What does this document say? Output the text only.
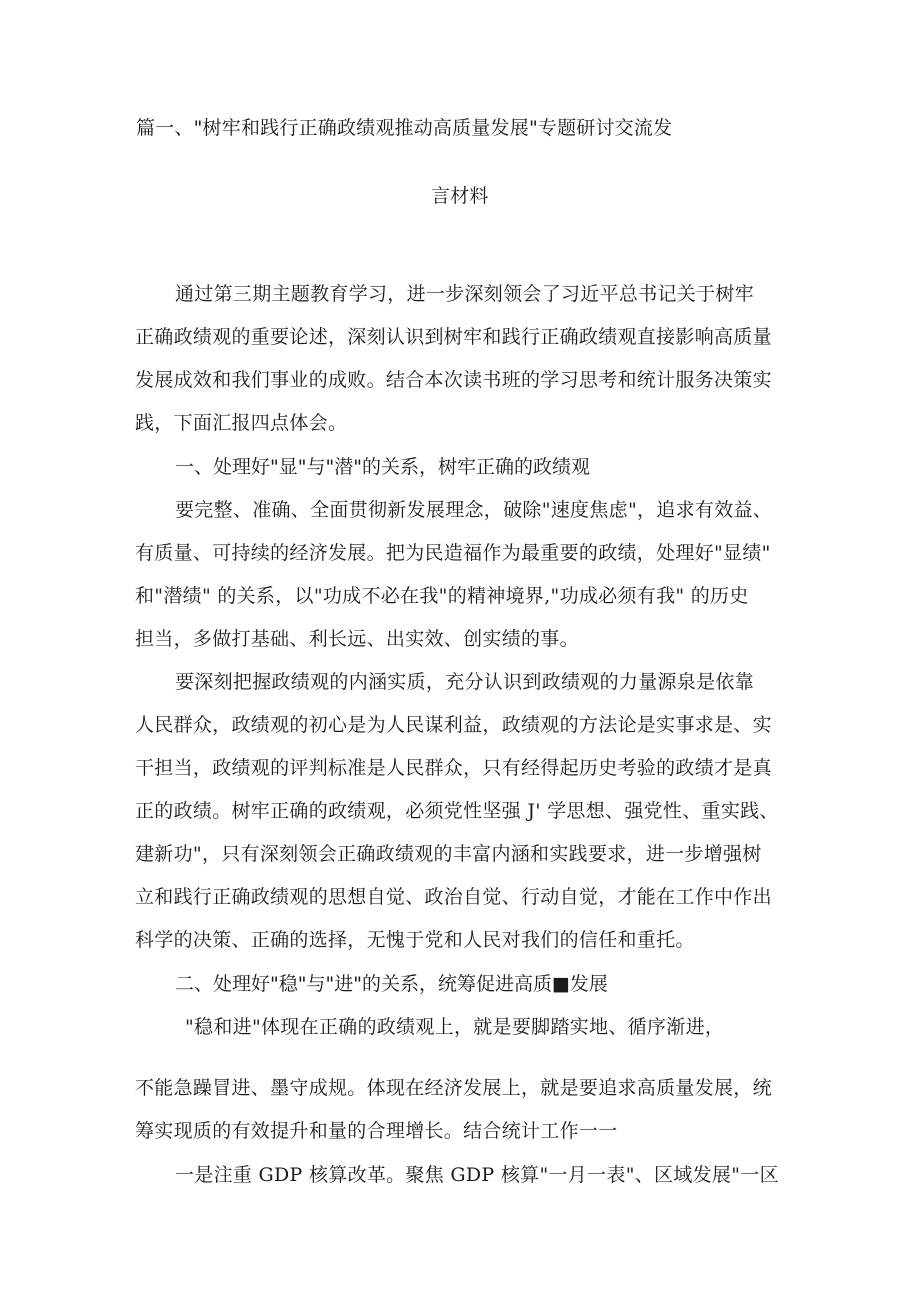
篇一、"树牢和践行正确政绩观推动高质量发展"专题研讨交流发
言材料
通过第三期主题教育学习，进一步深刻领会了习近平总书记关于树牢
正确政绩观的重要论述，深刻认识到树牢和践行正确政绩观直接影响高质量
发展成效和我们事业的成败。结合本次读书班的学习思考和统计服务决策实
践，下面汇报四点体会。
一、处理好"显"与"潜"的关系，树牢正确的政绩观
要完整、准确、全面贯彻新发展理念，破除"速度焦虑"，追求有效益、
有质量、可持续的经济发展。把为民造福作为最重要的政绩，处理好"显绩"
和"潜绩" 的关系，以"功成不必在我"的精神境界,"功成必须有我" 的历史
担当，多做打基础、利长远、出实效、创实绩的事。
要深刻把握政绩观的内涵实质，充分认识到政绩观的力量源泉是依靠
人民群众，政绩观的初心是为人民谋利益，政绩观的方法论是实事求是、实
干担当，政绩观的评判标准是人民群众，只有经得起历史考验的政绩才是真
正的政绩。树牢正确的政绩观，必须党性坚强 J' 学思想、强党性、重实践、
建新功"，只有深刻领会正确政绩观的丰富内涵和实践要求，进一步增强树
立和践行正确政绩观的思想自觉、政治自觉、行动自觉，才能在工作中作出
科学的决策、正确的选择，无愧于党和人民对我们的信任和重托。
二、处理好"稳"与"进"的关系，统筹促进高质■发展
"稳和进"体现在正确的政绩观上，就是要脚踏实地、循序渐进，
不能急躁冒进、墨守成规。体现在经济发展上，就是要追求高质量发展，统
筹实现质的有效提升和量的合理增长。结合统计工作一一
一是注重 GDP 核算改革。聚焦 GDP 核算"一月一表"、区域发展"一区
